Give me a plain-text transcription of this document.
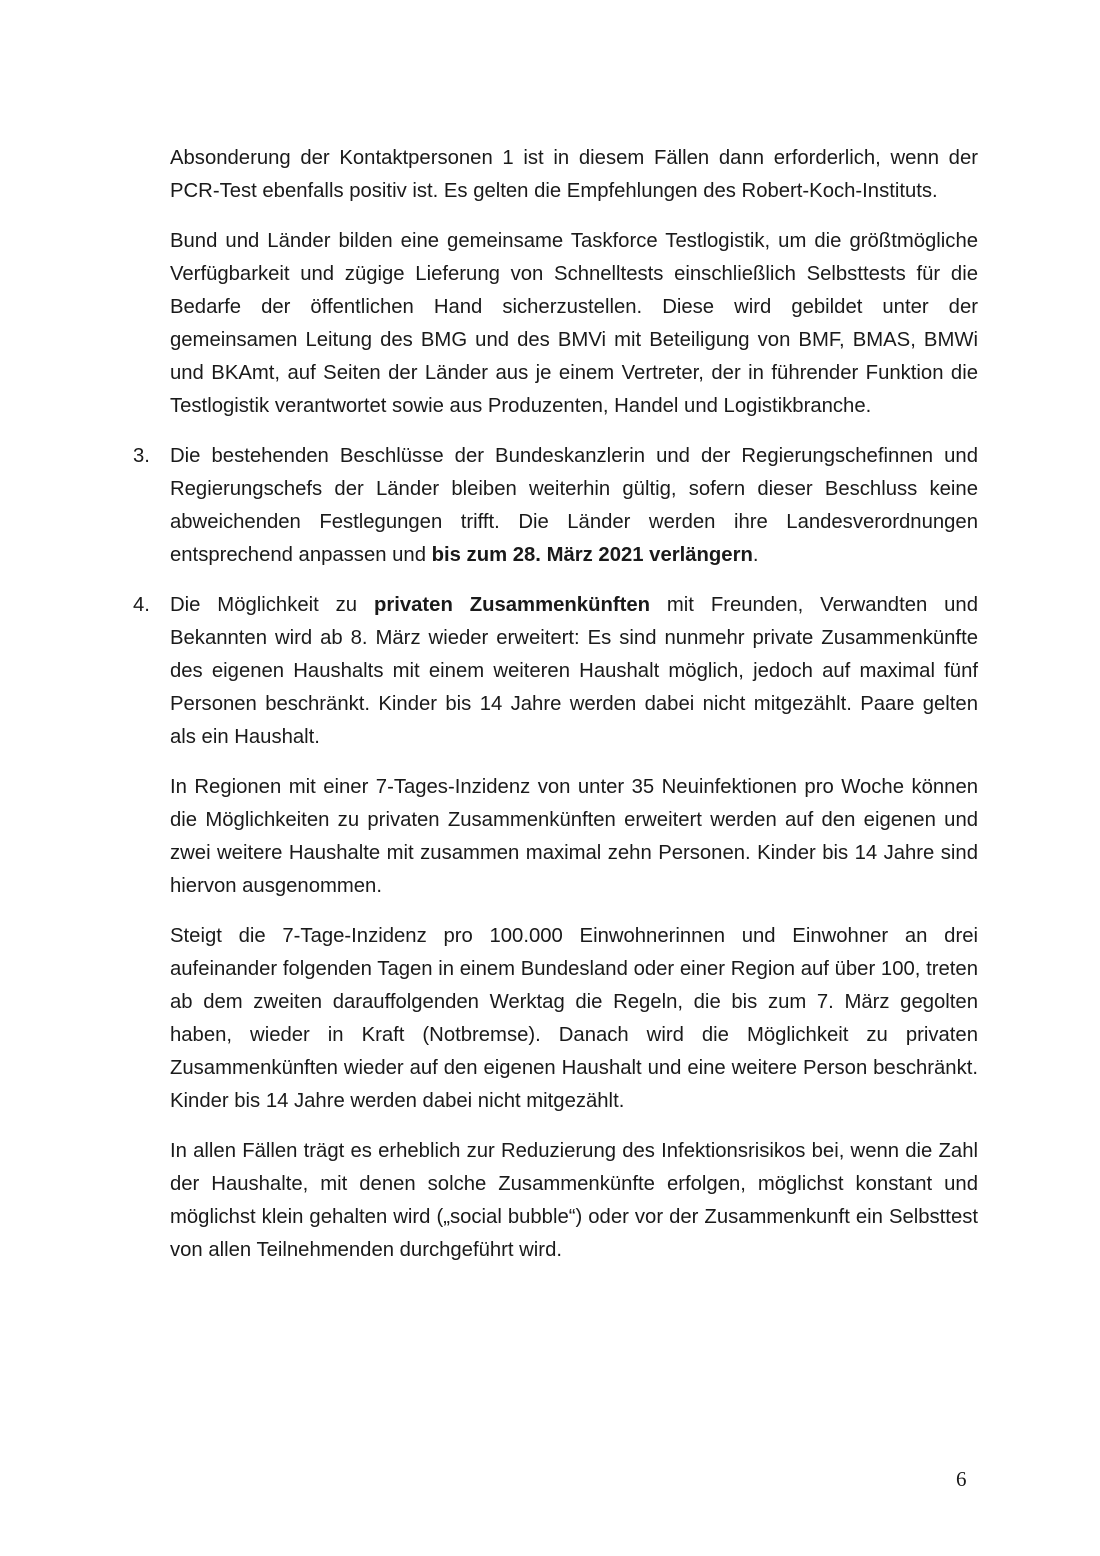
Absonderung der Kontaktpersonen 1 ist in diesem Fällen dann erforderlich, wenn der PCR-Test ebenfalls positiv ist. Es gelten die Empfehlungen des Robert-Koch-Instituts.

Bund und Länder bilden eine gemeinsame Taskforce Testlogistik, um die größtmögliche Verfügbarkeit und zügige Lieferung von Schnelltests einschließlich Selbsttests für die Bedarfe der öffentlichen Hand sicherzustellen. Diese wird gebildet unter der gemeinsamen Leitung des BMG und des BMVi mit Beteiligung von BMF, BMAS, BMWi und BKAmt, auf Seiten der Länder aus je einem Vertreter, der in führender Funktion die Testlogistik verantwortet sowie aus Produzenten, Handel und Logistikbranche.

3. Die bestehenden Beschlüsse der Bundeskanzlerin und der Regierungschefinnen und Regierungschefs der Länder bleiben weiterhin gültig, sofern dieser Beschluss keine abweichenden Festlegungen trifft. Die Länder werden ihre Landesverordnungen entsprechend anpassen und bis zum 28. März 2021 verlängern.

4. Die Möglichkeit zu privaten Zusammenkünften mit Freunden, Verwandten und Bekannten wird ab 8. März wieder erweitert: Es sind nunmehr private Zusammenkünfte des eigenen Haushalts mit einem weiteren Haushalt möglich, jedoch auf maximal fünf Personen beschränkt. Kinder bis 14 Jahre werden dabei nicht mitgezählt. Paare gelten als ein Haushalt.

In Regionen mit einer 7-Tages-Inzidenz von unter 35 Neuinfektionen pro Woche können die Möglichkeiten zu privaten Zusammenkünften erweitert werden auf den eigenen und zwei weitere Haushalte mit zusammen maximal zehn Personen. Kinder bis 14 Jahre sind hiervon ausgenommen.

Steigt die 7-Tage-Inzidenz pro 100.000 Einwohnerinnen und Einwohner an drei aufeinander folgenden Tagen in einem Bundesland oder einer Region auf über 100, treten ab dem zweiten darauffolgenden Werktag die Regeln, die bis zum 7. März gegolten haben, wieder in Kraft (Notbremse). Danach wird die Möglichkeit zu privaten Zusammenkünften wieder auf den eigenen Haushalt und eine weitere Person beschränkt. Kinder bis 14 Jahre werden dabei nicht mitgezählt.

In allen Fällen trägt es erheblich zur Reduzierung des Infektionsrisikos bei, wenn die Zahl der Haushalte, mit denen solche Zusammenkünfte erfolgen, möglichst konstant und möglichst klein gehalten wird („social bubble“) oder vor der Zusammenkunft ein Selbsttest von allen Teilnehmenden durchgeführt wird.

6
